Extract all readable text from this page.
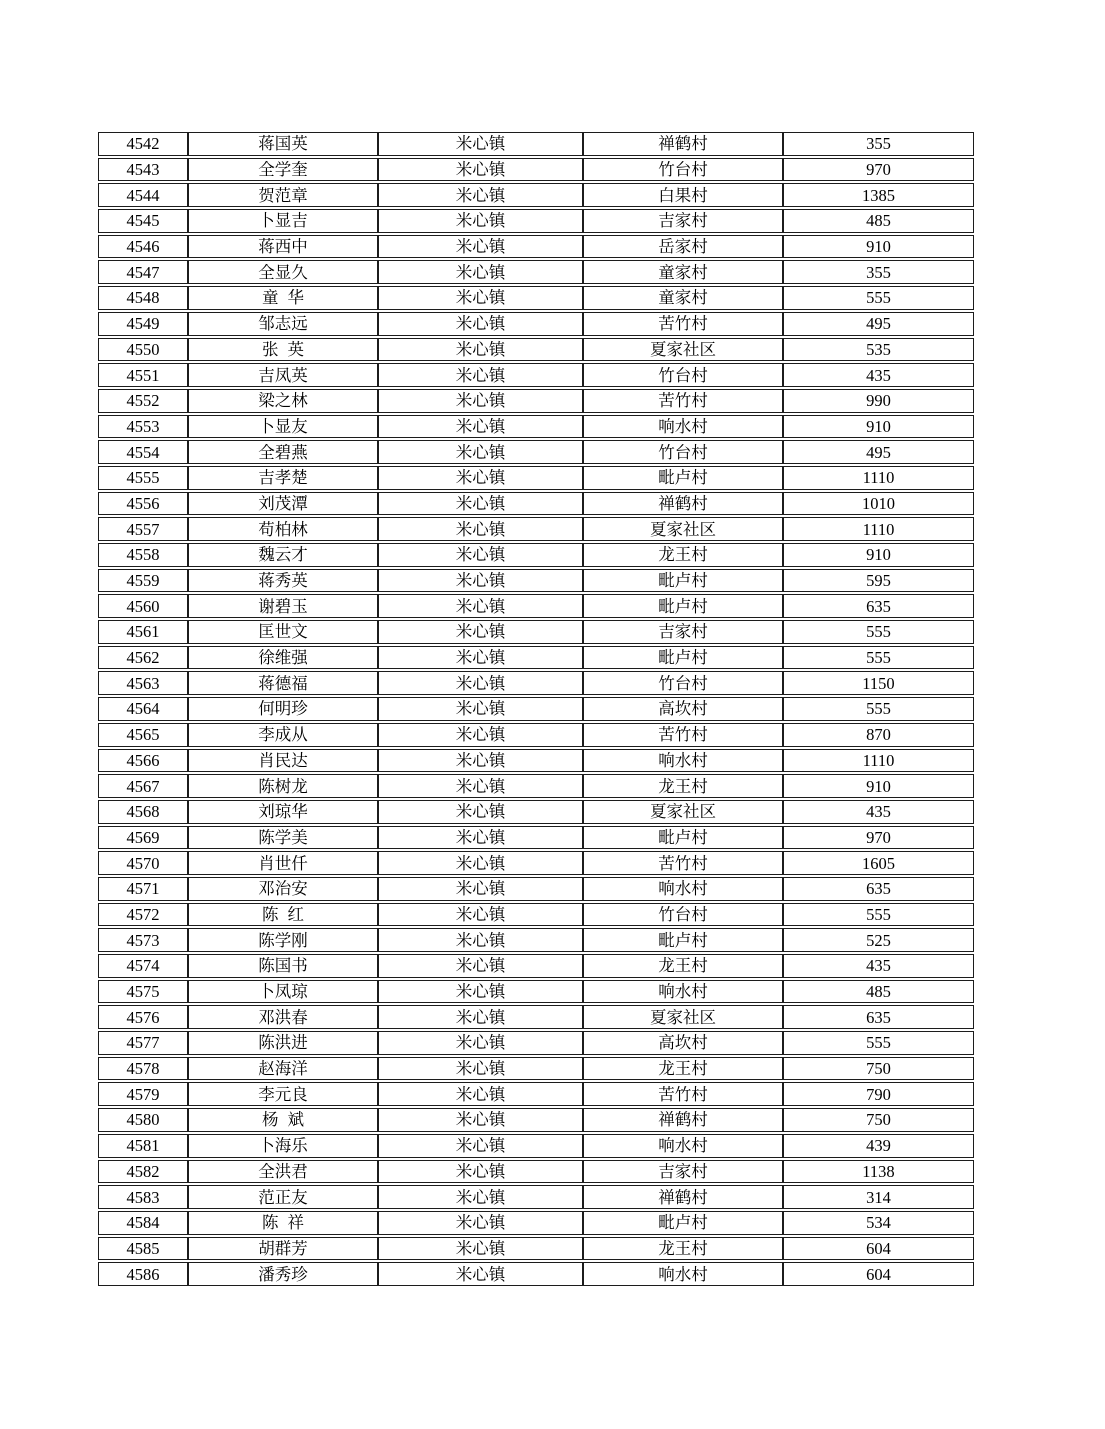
4542	蒋国英	米心镇	禅鹤村	355
4543	全学奎	米心镇	竹台村	970
4544	贺范章	米心镇	白果村	1385
4545	卜显吉	米心镇	吉家村	485
4546	蒋西中	米心镇	岳家村	910
4547	全显久	米心镇	童家村	355
4548	童华	米心镇	童家村	555
4549	邹志远	米心镇	苦竹村	495
4550	张英	米心镇	夏家社区	535
4551	吉凤英	米心镇	竹台村	435
4552	梁之林	米心镇	苦竹村	990
4553	卜显友	米心镇	响水村	910
4554	全碧燕	米心镇	竹台村	495
4555	吉孝楚	米心镇	毗卢村	1110
4556	刘茂潭	米心镇	禅鹤村	1010
4557	苟柏林	米心镇	夏家社区	1110
4558	魏云才	米心镇	龙王村	910
4559	蒋秀英	米心镇	毗卢村	595
4560	谢碧玉	米心镇	毗卢村	635
4561	匡世文	米心镇	吉家村	555
4562	徐维强	米心镇	毗卢村	555
4563	蒋德福	米心镇	竹台村	1150
4564	何明珍	米心镇	高坎村	555
4565	李成从	米心镇	苦竹村	870
4566	肖民达	米心镇	响水村	1110
4567	陈树龙	米心镇	龙王村	910
4568	刘琼华	米心镇	夏家社区	435
4569	陈学美	米心镇	毗卢村	970
4570	肖世仟	米心镇	苦竹村	1605
4571	邓治安	米心镇	响水村	635
4572	陈红	米心镇	竹台村	555
4573	陈学刚	米心镇	毗卢村	525
4574	陈国书	米心镇	龙王村	435
4575	卜凤琼	米心镇	响水村	485
4576	邓洪春	米心镇	夏家社区	635
4577	陈洪进	米心镇	高坎村	555
4578	赵海洋	米心镇	龙王村	750
4579	李元良	米心镇	苦竹村	790
4580	杨斌	米心镇	禅鹤村	750
4581	卜海乐	米心镇	响水村	439
4582	全洪君	米心镇	吉家村	1138
4583	范正友	米心镇	禅鹤村	314
4584	陈祥	米心镇	毗卢村	534
4585	胡群芳	米心镇	龙王村	604
4586	潘秀珍	米心镇	响水村	604
